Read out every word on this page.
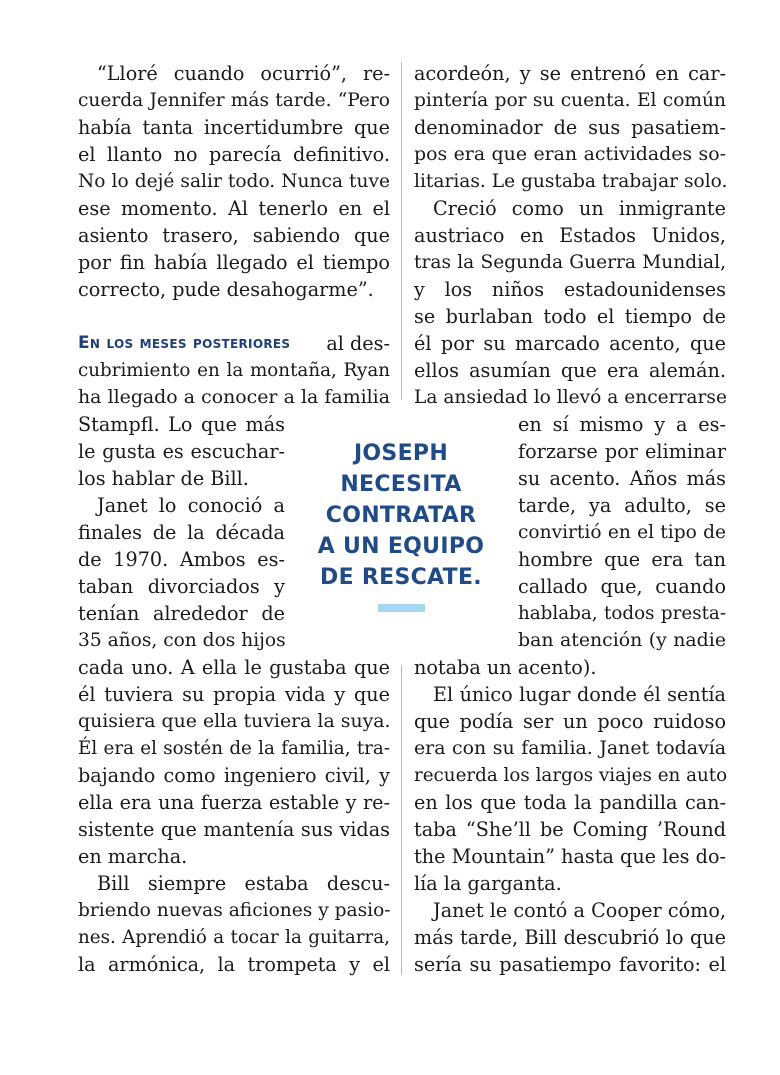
JOSEPH
NECESITA
CONTRATAR
A UN EQUIPO
DE RESCATE.
“Lloré cuando ocurrió”, re-
cuerda Jennifer más tarde. “Pero
había tanta incertidumbre que
el llanto no parecía definitivo.
No lo dejé salir todo. Nunca tuve
ese momento. Al tenerlo en el
asiento trasero, sabiendo que
por fin había llegado el tiempo
correcto, pude desahogarme”.
En los meses posteriores al des-
cubrimiento en la montaña, Ryan
ha llegado a conocer a la familia
Stampfl. Lo que más
le gusta es escuchar-
los hablar de Bill.
Janet lo conoció a
finales de la década
de 1970. Ambos es-
taban divorciados y
tenían alrededor de
35 años, con dos hijos
cada uno. A ella le gustaba que
él tuviera su propia vida y que
quisiera que ella tuviera la suya.
Él era el sostén de la familia, tra-
bajando como ingeniero civil, y
ella era una fuerza estable y re-
sistente que mantenía sus vidas
en marcha.
Bill siempre estaba descu-
briendo nuevas aficiones y pasio-
nes. Aprendió a tocar la guitarra,
la armónica, la trompeta y el
acordeón, y se entrenó en car-
pintería por su cuenta. El común
denominador de sus pasatiem-
pos era que eran actividades so-
litarias. Le gustaba trabajar solo.
Creció como un inmigrante
austriaco en Estados Unidos,
tras la Segunda Guerra Mundial,
y los niños estadounidenses
se burlaban todo el tiempo de
él por su marcado acento, que
ellos asumían que era alemán.
La ansiedad lo llevó a encerrarse
en sí mismo y a es-
forzarse por eliminar
su acento. Años más
tarde, ya adulto, se
convirtió en el tipo de
hombre que era tan
callado que, cuando
hablaba, todos presta-
ban atención (y nadie
notaba un acento).
El único lugar donde él sentía
que podía ser un poco ruidoso
era con su familia. Janet todavía
recuerda los largos viajes en auto
en los que toda la pandilla can-
taba “She’ll be Coming ’Round
the Mountain” hasta que les do-
lía la garganta.
Janet le contó a Cooper cómo,
más tarde, Bill descubrió lo que
sería su pasatiempo favorito: el
